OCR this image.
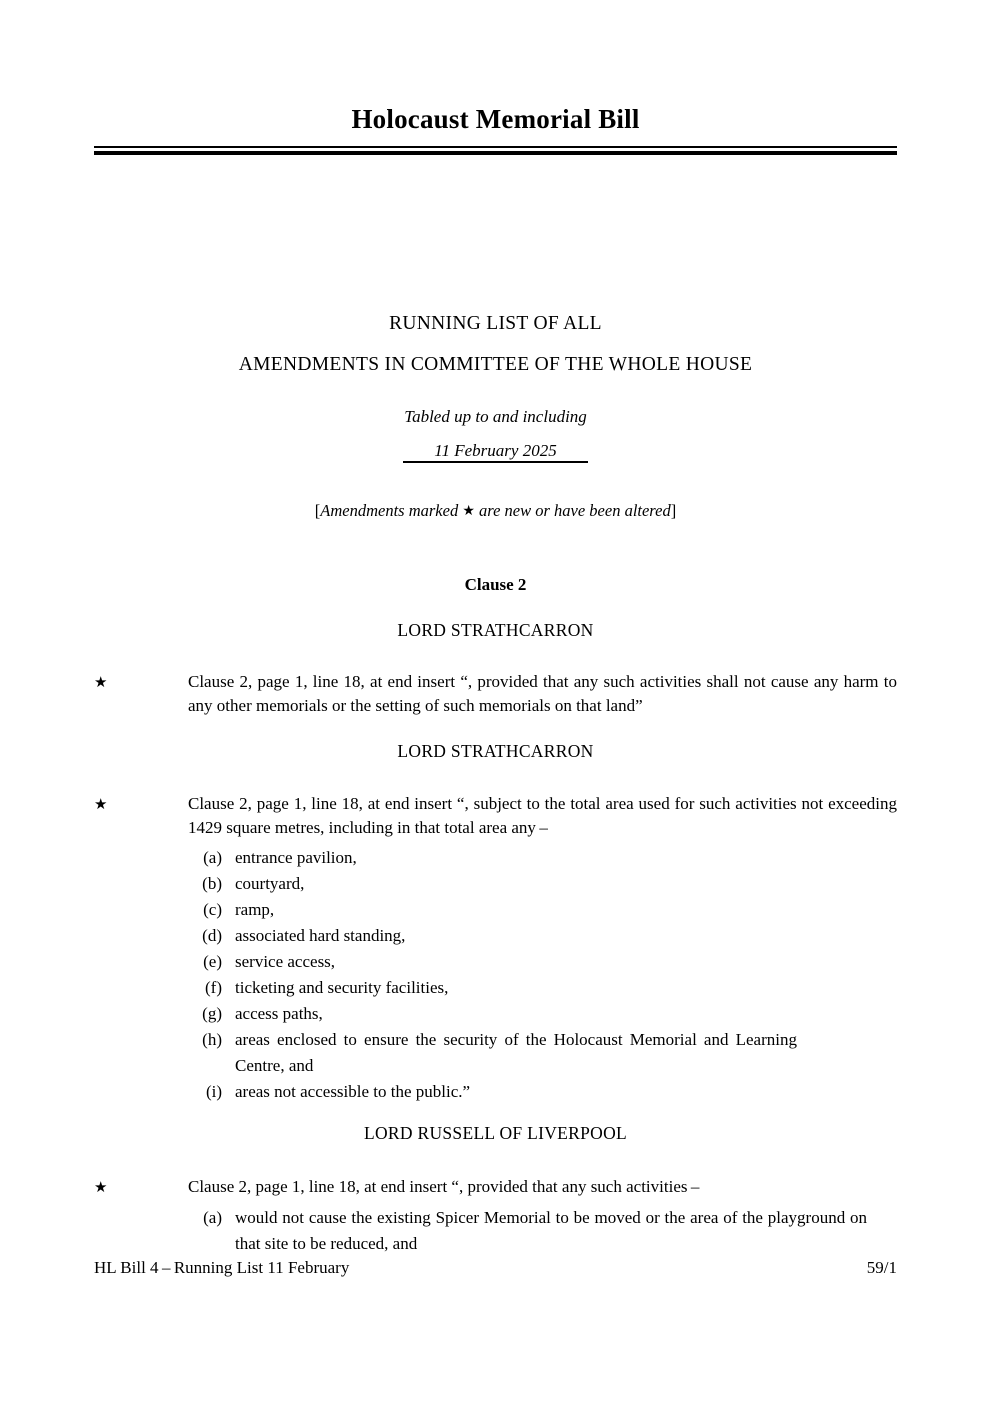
Holocaust Memorial Bill
RUNNING LIST OF ALL
AMENDMENTS IN COMMITTEE OF THE WHOLE HOUSE
Tabled up to and including
11 February 2025
[Amendments marked ★ are new or have been altered]
Clause 2
LORD STRATHCARRON
★	Clause 2, page 1, line 18, at end insert “, provided that any such activities shall not cause any harm to any other memorials or the setting of such memorials on that land”
LORD STRATHCARRON
★	Clause 2, page 1, line 18, at end insert “, subject to the total area used for such activities not exceeding 1429 square metres, including in that total area any –
(a) entrance pavilion,
(b) courtyard,
(c) ramp,
(d) associated hard standing,
(e) service access,
(f) ticketing and security facilities,
(g) access paths,
(h) areas enclosed to ensure the security of the Holocaust Memorial and Learning Centre, and
(i) areas not accessible to the public.”
LORD RUSSELL OF LIVERPOOL
★	Clause 2, page 1, line 18, at end insert “, provided that any such activities –
(a) would not cause the existing Spicer Memorial to be moved or the area of the playground on that site to be reduced, and
HL Bill 4 – Running List 11 February	59/1
